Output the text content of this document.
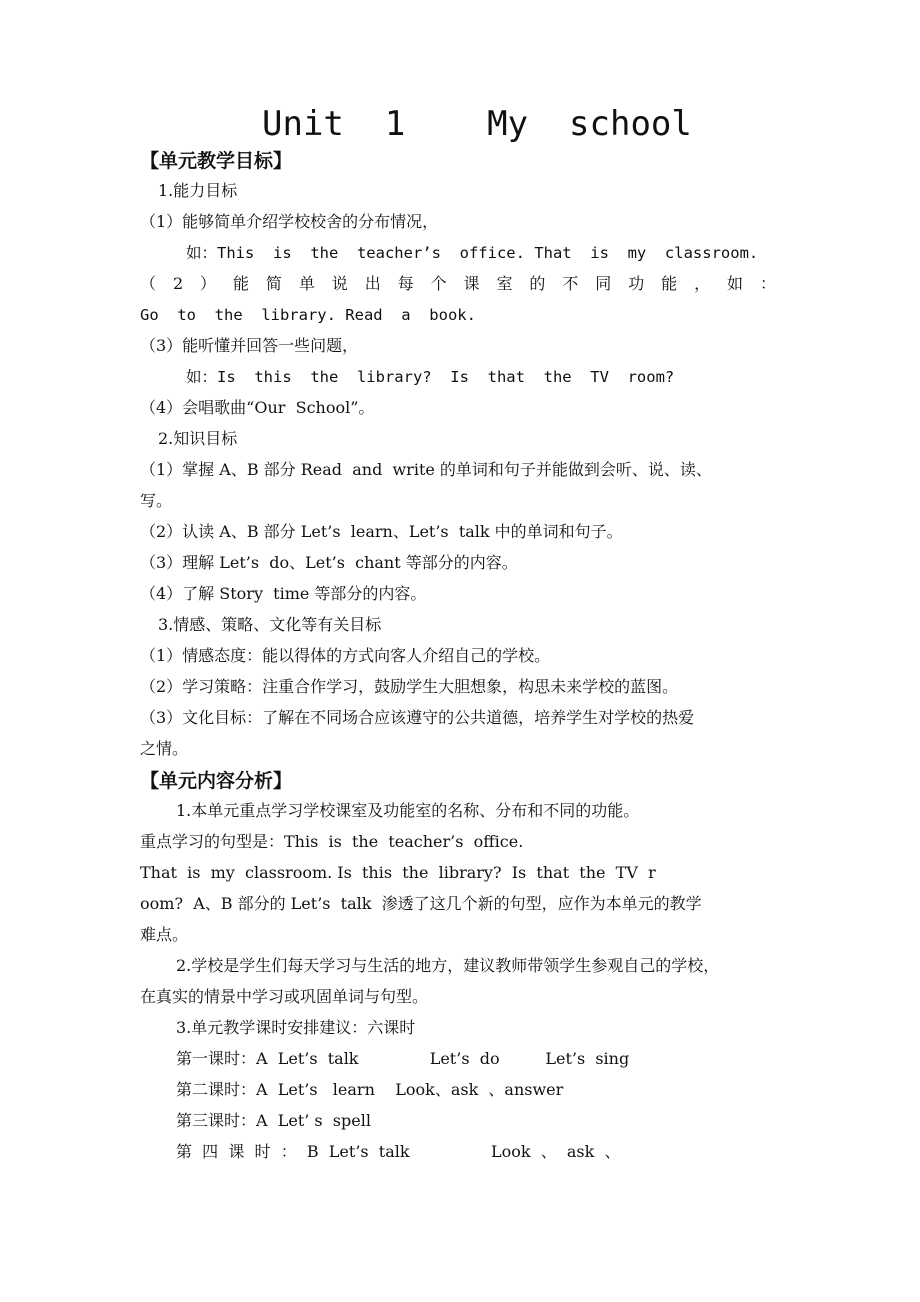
Unit  1    My  school
【单元教学目标】
1.能力目标
（1）能够简单介绍学校校舍的分布情况，
如：This  is  the  teacher’s  office. That  is  my  classroom.
（ 2 ） 能 简 单 说 出 每 个 课 室 的 不 同 功 能 ， 如 ：
Go  to  the  library. Read  a  book.
（3）能听懂并回答一些问题，
如：Is  this  the  library?  Is  that  the  TV  room?
（4）会唱歌曲“Our  School”。
2.知识目标
（1）掌握 A、B 部分 Read  and  write 的单词和句子并能做到会听、说、读、
写。
（2）认读 A、B 部分 Let’s  learn、Let’s  talk 中的单词和句子。
（3）理解 Let’s  do、Let’s  chant 等部分的内容。
（4）了解 Story  time 等部分的内容。
3.情感、策略、文化等有关目标
（1）情感态度：能以得体的方式向客人介绍自己的学校。
（2）学习策略：注重合作学习，鼓励学生大胆想象，构思未来学校的蓝图。
（3）文化目标：了解在不同场合应该遵守的公共道德，培养学生对学校的热爱
之情。
【单元内容分析】
1.本单元重点学习学校课室及功能室的名称、分布和不同的功能。
重点学习的句型是：This  is  the  teacher’s  office.
That  is  my  classroom. Is  this  the  library?  Is  that  the  TV  r
oom?  A、B 部分的 Let’s  talk  渗透了这几个新的句型，应作为本单元的教学
难点。
2.学校是学生们每天学习与生活的地方，建议教师带领学生参观自己的学校，
在真实的情景中学习或巩固单词与句型。
3.单元教学课时安排建议：六课时
第一课时：A  Let’s  talk              Let’s  do         Let’s  sing
第二课时：A  Let’s   learn    Look、ask  、answer
第三课时：A  Let’ s  spell
第  四  课  时  ：  B  Let’s  talk                Look  、  ask  、
